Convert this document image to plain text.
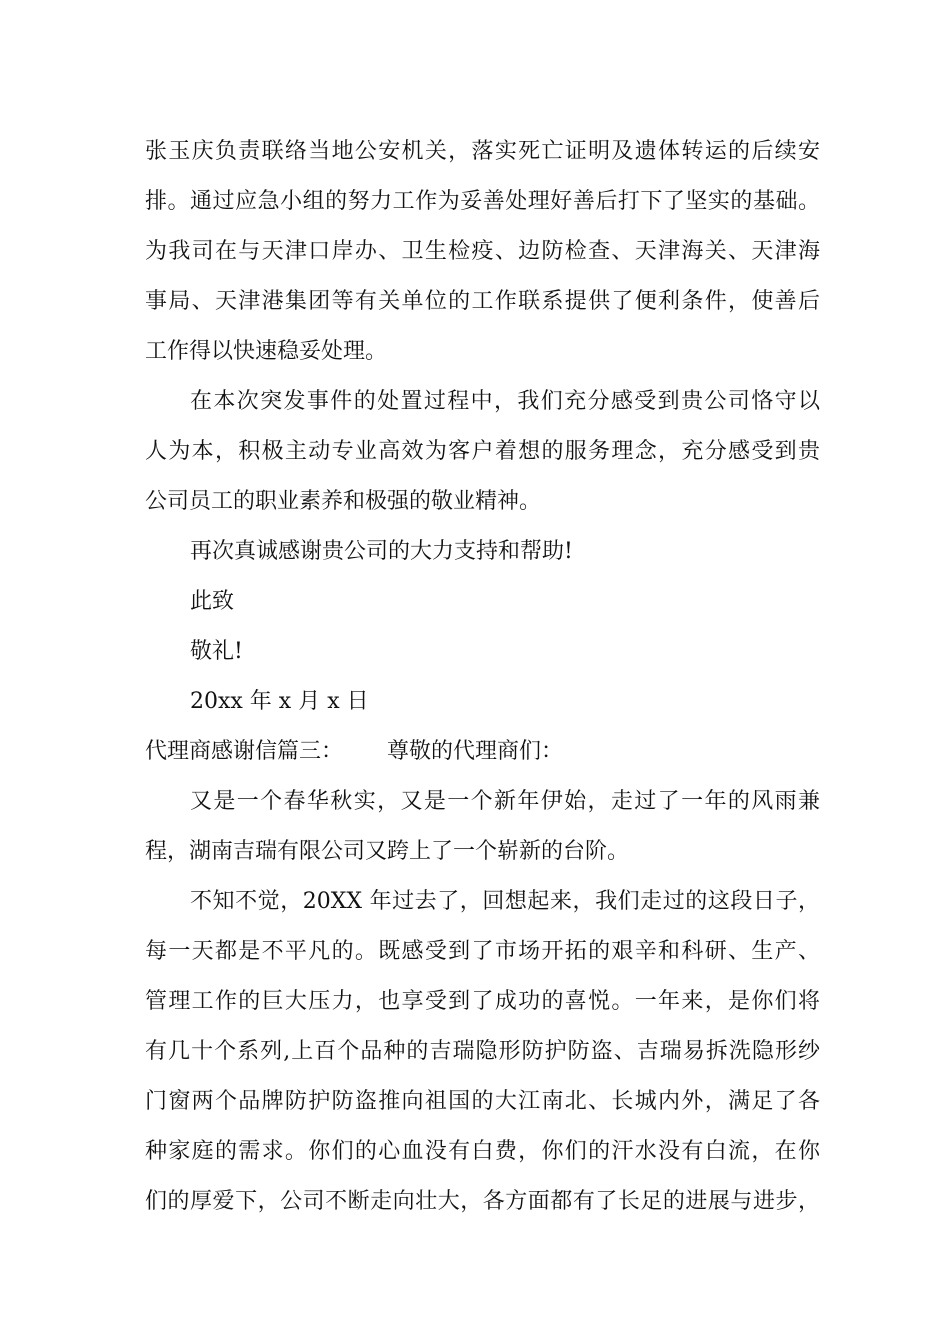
张玉庆负责联络当地公安机关，落实死亡证明及遗体转运的后续安
排。通过应急小组的努力工作为妥善处理好善后打下了坚实的基础。
为我司在与天津口岸办、卫生检疫、边防检查、天津海关、天津海
事局、天津港集团等有关单位的工作联系提供了便利条件，使善后
工作得以快速稳妥处理。
在本次突发事件的处置过程中，我们充分感受到贵公司恪守以
人为本，积极主动专业高效为客户着想的服务理念，充分感受到贵
公司员工的职业素养和极强的敬业精神。
再次真诚感谢贵公司的大力支持和帮助!
此致
敬礼!
20xx 年 x 月 x 日
代理商感谢信篇三： 尊敬的代理商们：
又是一个春华秋实，又是一个新年伊始，走过了一年的风雨兼
程，湖南吉瑞有限公司又跨上了一个崭新的台阶。
不知不觉，20XX 年过去了，回想起来，我们走过的这段日子，
每一天都是不平凡的。既感受到了市场开拓的艰辛和科研、生产、
管理工作的巨大压力，也享受到了成功的喜悦。一年来，是你们将
有几十个系列,上百个品种的吉瑞隐形防护防盗、吉瑞易拆洗隐形纱
门窗两个品牌防护防盗推向祖国的大江南北、长城内外，满足了各
种家庭的需求。你们的心血没有白费，你们的汗水没有白流，在你
们的厚爱下，公司不断走向壮大，各方面都有了长足的进展与进步，
